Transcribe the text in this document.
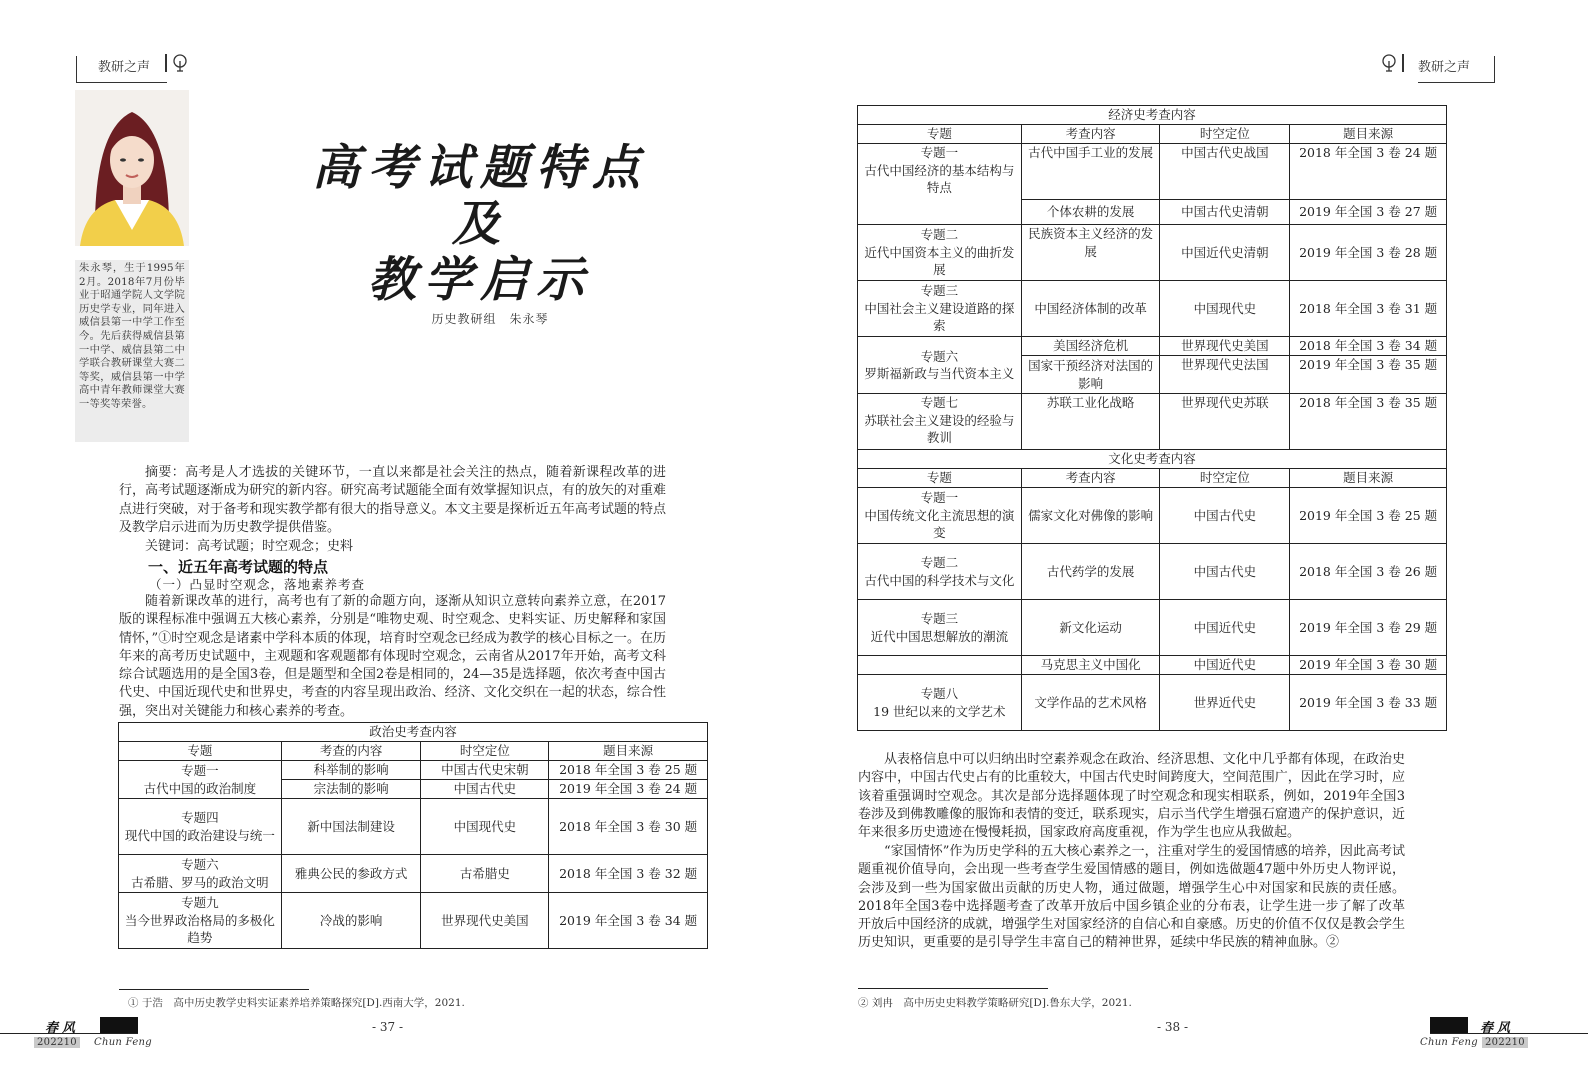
教研之声	教研之声
朱永琴，生于1995年2月。2018年7月份毕业于昭通学院人文学院历史学专业，同年进入威信县第一中学工作至今。先后获得威信县第一中学、威信县第二中学联合教研课堂大赛二等奖，威信县第一中学高中青年教师课堂大赛一等奖等荣誉。
高考试题特点及
教学启示
历史教研组　朱永琴
摘要：高考是人才选拔的关键环节，一直以来都是社会关注的热点，随着新课程改革的进行，高考试题逐渐成为研究的新内容。研究高考试题能全面有效掌握知识点，有的放矢的对重难点进行突破，对于备考和现实教学都有很大的指导意义。本文主要是探析近五年高考试题的特点及教学启示进而为历史教学提供借鉴。
关键词：高考试题；时空观念；史料
一、近五年高考试题的特点
（一）凸显时空观念，落地素养考查
随着新课改革的进行，高考也有了新的命题方向，逐渐从知识立意转向素养立意，在2017版的课程标准中强调五大核心素养，分别是“唯物史观、时空观念、史料实证、历史解释和家国情怀，”①时空观念是诸素中学科本质的体现，培育时空观念已经成为教学的核心目标之一。在历年来的高考历史试题中，主观题和客观题都有体现时空观念，云南省从2017年开始，高考文科综合试题选用的是全国3卷，但是题型和全国2卷是相同的，24—35是选择题，依次考查中国古代史、中国近现代史和世界史，考查的内容呈现出政治、经济、文化交织在一起的状态，综合性强，突出对关键能力和核心素养的考查。
政治史考查内容			
专题	考查的内容	时空定位	题目来源
专题一
古代中国的政治制度	科举制的影响	中国古代史宋朝	2018 年全国 3 卷 25 题
	宗法制的影响	中国古代史	2019 年全国 3 卷 24 题
专题四
现代中国的政治建设与统一	新中国法制建设	中国现代史	2018 年全国 3 卷 30 题
专题六
古希腊、罗马的政治文明	雅典公民的参政方式	古希腊史	2018 年全国 3 卷 32 题
专题九
当今世界政治格局的多极化趋势	冷战的影响	世界现代史美国	2019 年全国 3 卷 34 题
① 于浩　高中历史教学史料实证素养培养策略探究[D].西南大学，2021.
- 37 -
春风
202210	Chun Feng
经济史考查内容			
专题	考查内容	时空定位	题目来源
专题一
古代中国经济的基本结构与特点	古代中国手工业的发展	中国古代史战国	2018 年全国 3 卷 24 题
	个体农耕的发展	中国古代史清朝	2019 年全国 3 卷 27 题
专题二
近代中国资本主义的曲折发展	民族资本主义经济的发展	中国近代史清朝	2019 年全国 3 卷 28 题
专题三
中国社会主义建设道路的探索	中国经济体制的改革	中国现代史	2018 年全国 3 卷 31 题
专题六
罗斯福新政与当代资本主义	美国经济危机	世界现代史美国	2018 年全国 3 卷 34 题
	国家干预经济对法国的影响	世界现代史法国	2019 年全国 3 卷 35 题
专题七
苏联社会主义建设的经验与教训	苏联工业化战略	世界现代史苏联	2018 年全国 3 卷 35 题
文化史考查内容			
专题	考查内容	时空定位	题目来源
专题一
中国传统文化主流思想的演变	儒家文化对佛像的影响	中国古代史	2019 年全国 3 卷 25 题
专题二
古代中国的科学技术与文化	古代药学的发展	中国古代史	2018 年全国 3 卷 26 题
专题三
近代中国思想解放的潮流	新文化运动	中国近代史	2019 年全国 3 卷 29 题
	马克思主义中国化	中国近代史	2019 年全国 3 卷 30 题
专题八
19 世纪以来的文学艺术	文学作品的艺术风格	世界近代史	2019 年全国 3 卷 33 题
从表格信息中可以归纳出时空素养观念在政治、经济思想、文化中几乎都有体现，在政治史内容中，中国古代史占有的比重较大，中国古代史时间跨度大，空间范围广，因此在学习时，应该着重强调时空观念。其次是部分选择题体现了时空观念和现实相联系，例如，2019年全国3卷涉及到佛教雕像的服饰和表情的变迁，联系现实，启示当代学生增强石窟遗产的保护意识，近年来很多历史遗迹在慢慢耗损，国家政府高度重视，作为学生也应从我做起。
“家国情怀”作为历史学科的五大核心素养之一，注重对学生的爱国情感的培养，因此高考试题重视价值导向，会出现一些考查学生爱国情感的题目，例如选做题47题中外历史人物评说，会涉及到一些为国家做出贡献的历史人物，通过做题，增强学生心中对国家和民族的责任感。2018年全国3卷中选择题考查了改革开放后中国乡镇企业的分布表，让学生进一步了解了改革开放后中国经济的成就，增强学生对国家经济的自信心和自豪感。历史的价值不仅仅是教会学生历史知识，更重要的是引导学生丰富自己的精神世界，延续中华民族的精神血脉。②
② 刘冉　高中历史史料教学策略研究[D].鲁东大学，2021.
- 38 -	春风
Chun Feng 202210
